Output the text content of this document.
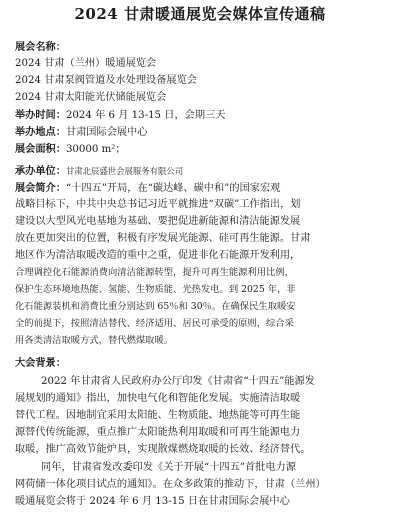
2024 甘肃暖通展览会媒体宣传通稿
展会名称：
2024 甘肃（兰州）暖通展览会
2024 甘肃泵阀管道及水处理设备展览会
2024 甘肃太阳能光伏储能展览会
举办时间：2024 年 6 月 13-15 日，会期三天
举办地点：甘肃国际会展中心
展会面积：30000 m²；
承办单位：甘肃北辰盛世会展服务有限公司
展会简介：“十四五”开局，在“碳达峰、碳中和”的国家宏观
战略目标下，中共中央总书记习近平就推进“双碳”工作指出，划
建设以大型风光电基地为基础、要把促进新能源和清洁能源发展
放在更加突出的位置，积极有序发展光能源、硅可再生能源。甘肃
地区作为清洁取暖改造的重中之重，促进非化石能源开发利用，
合理调控化石能源消费向清洁能源转型，提升可再生能源利用比例，
保护生态环境地热能、氢能、生物质能、光热发电。到 2025 年，非
化石能源装机和消费比重分别达到 65％和 30％。在确保民生取暖安
全的前提下，按照清洁替代、经济适用、居民可承受的原则，综合采
用各类清洁取暖方式，替代燃煤取暖。
大会背景：
2022 年甘肃省人民政府办公厅印发《甘肃省“十四五”能源发
展规划的通知》指出，加快电气化和智能化发展。实施清洁取暖
替代工程。因地制宜采用太阳能、生物质能、地热能等可再生能
源替代传统能源，重点推广太阳能热利用取暖和可再生能源电力
取暖，推广高效节能炉具，实现散煤燃烧取暖的长效、经济替代。
同年，甘肃省发改委印发《关于开展“十四五”首批电力源
网荷储一体化项目试点的通知》。在众多政策的推动下，甘肃（兰州）
暖通展览会将于 2024 年 6 月 13-15 日在甘肃国际会展中心
